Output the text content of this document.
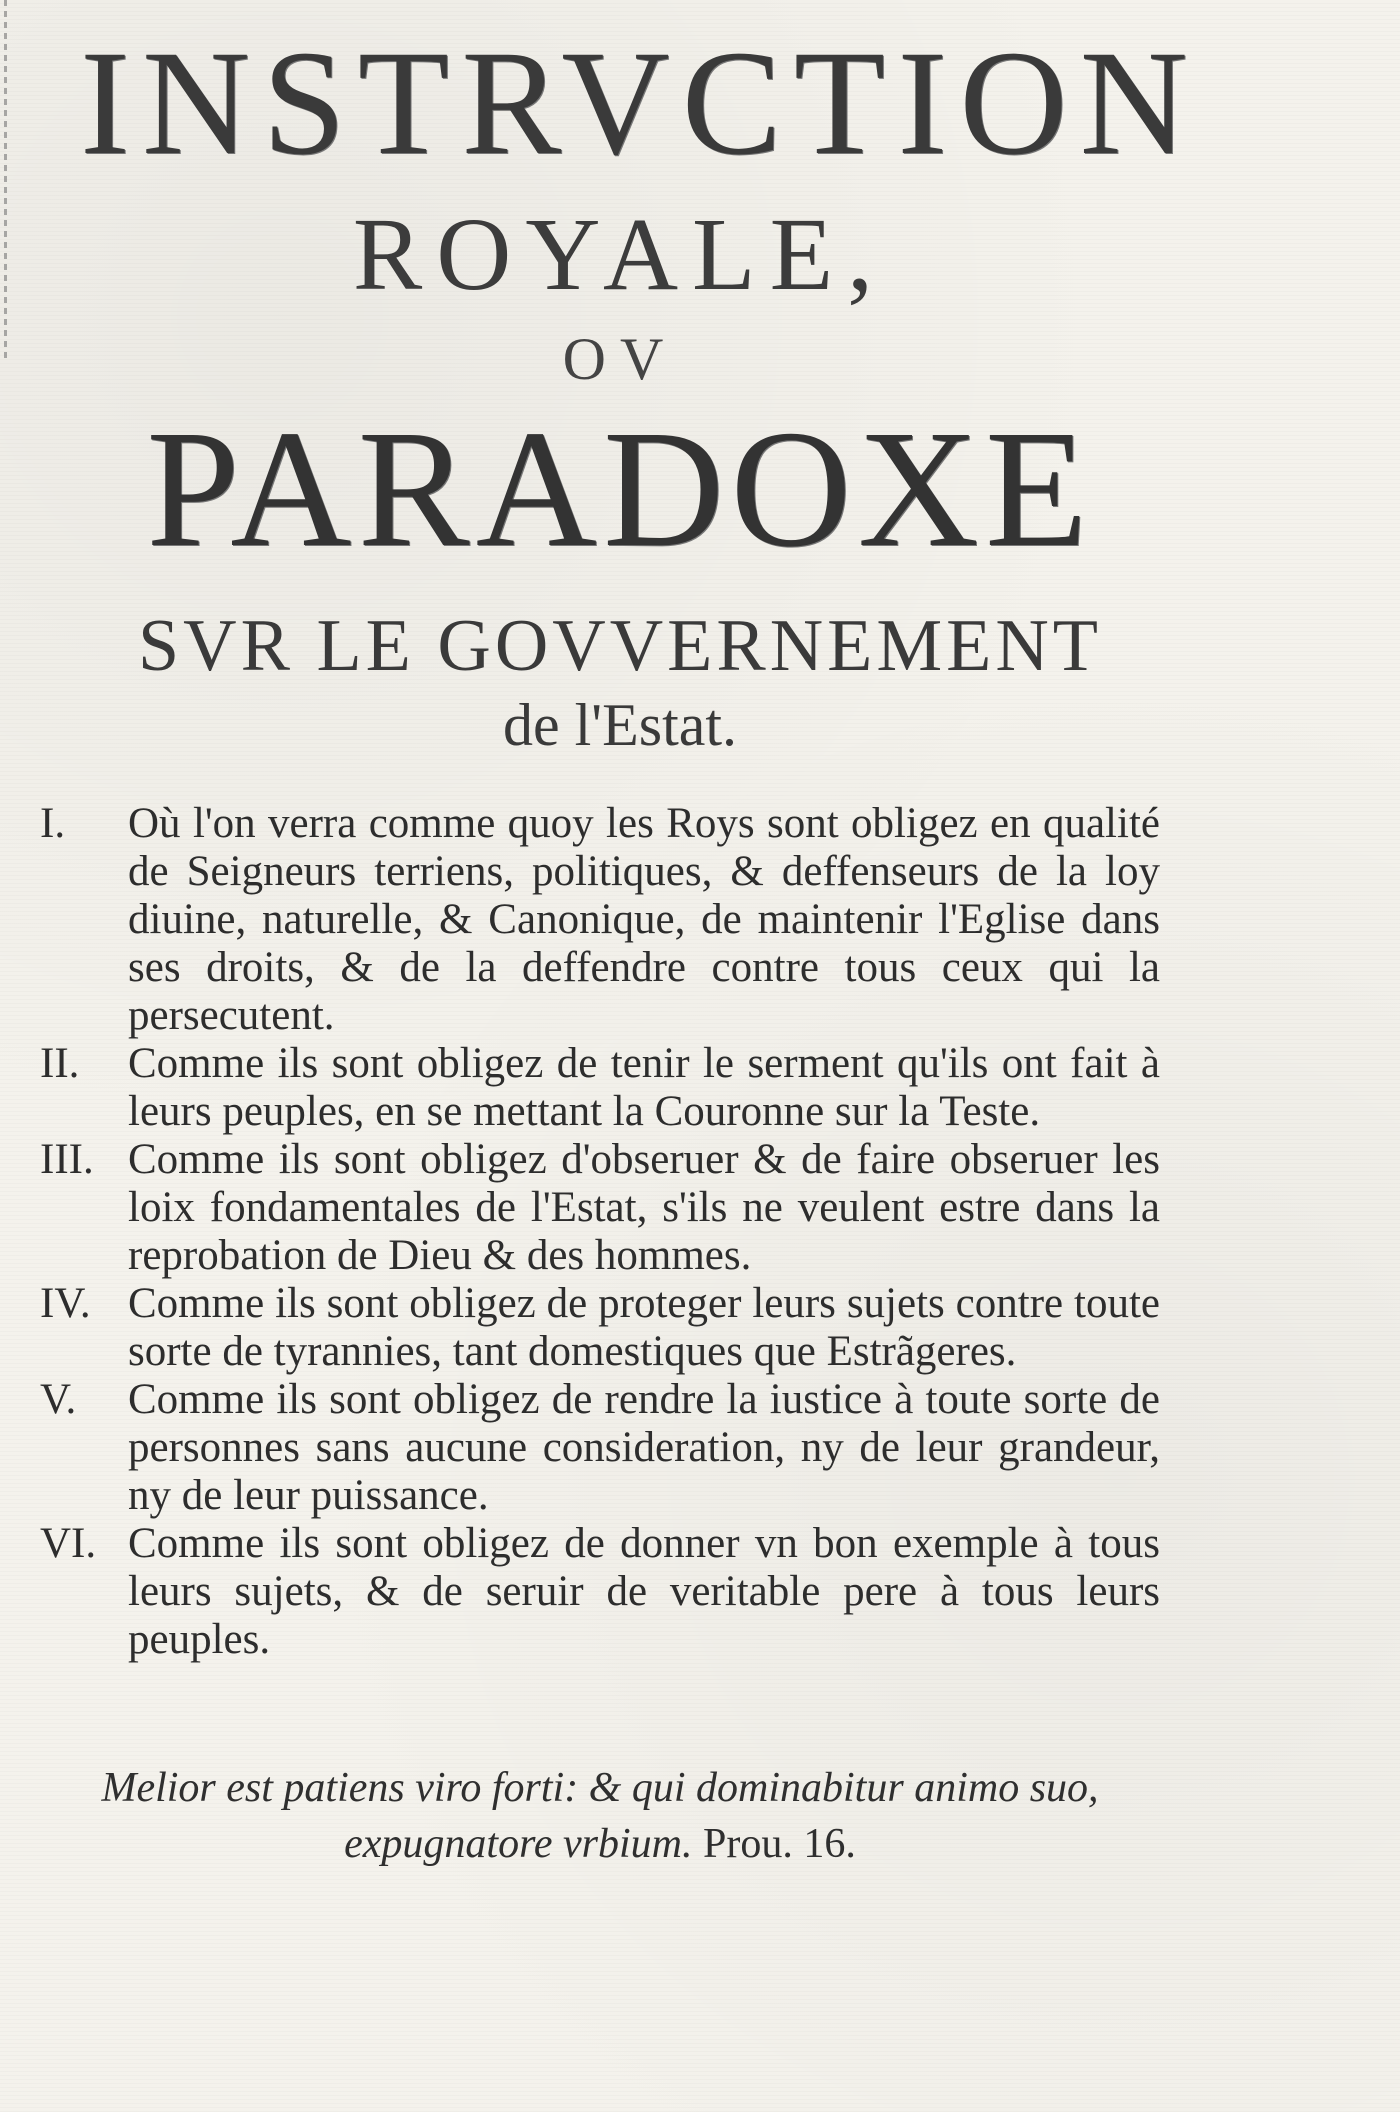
INSTRVCTION
ROYALE,
OV
PARADOXE
SVR LE GOVVERNEMENT
de l'Estat.
I.	Où l'on verra comme quoy les Roys sont obligez en qualité de Seigneurs terriens, politiques, & deffenseurs de la loy diuine, naturelle, & Canonique, de maintenir l'Eglise dans ses droits, & de la deffendre contre tous ceux qui la persecutent.
II.	Comme ils sont obligez de tenir le serment qu'ils ont fait à leurs peuples, en se mettant la Couronne sur la Teste.
III. Comme ils sont obligez d'obseruer & de faire obseruer les loix fondamentales de l'Estat, s'ils ne veulent estre dans la reprobation de Dieu & des hommes.
IV. Comme ils sont obligez de proteger leurs sujets contre toute sorte de tyrannies, tant domestiques que Estrãgeres.
V.	Comme ils sont obligez de rendre la iustice à toute sorte de personnes sans aucune consideration, ny de leur grandeur, ny de leur puissance.
VI. Comme ils sont obligez de donner vn bon exemple à tous leurs sujets, & de seruir de veritable pere à tous leurs peuples.
Melior est patiens viro forti: & qui dominabitur animo suo,
expugnatore vrbium. Prou. 16.
